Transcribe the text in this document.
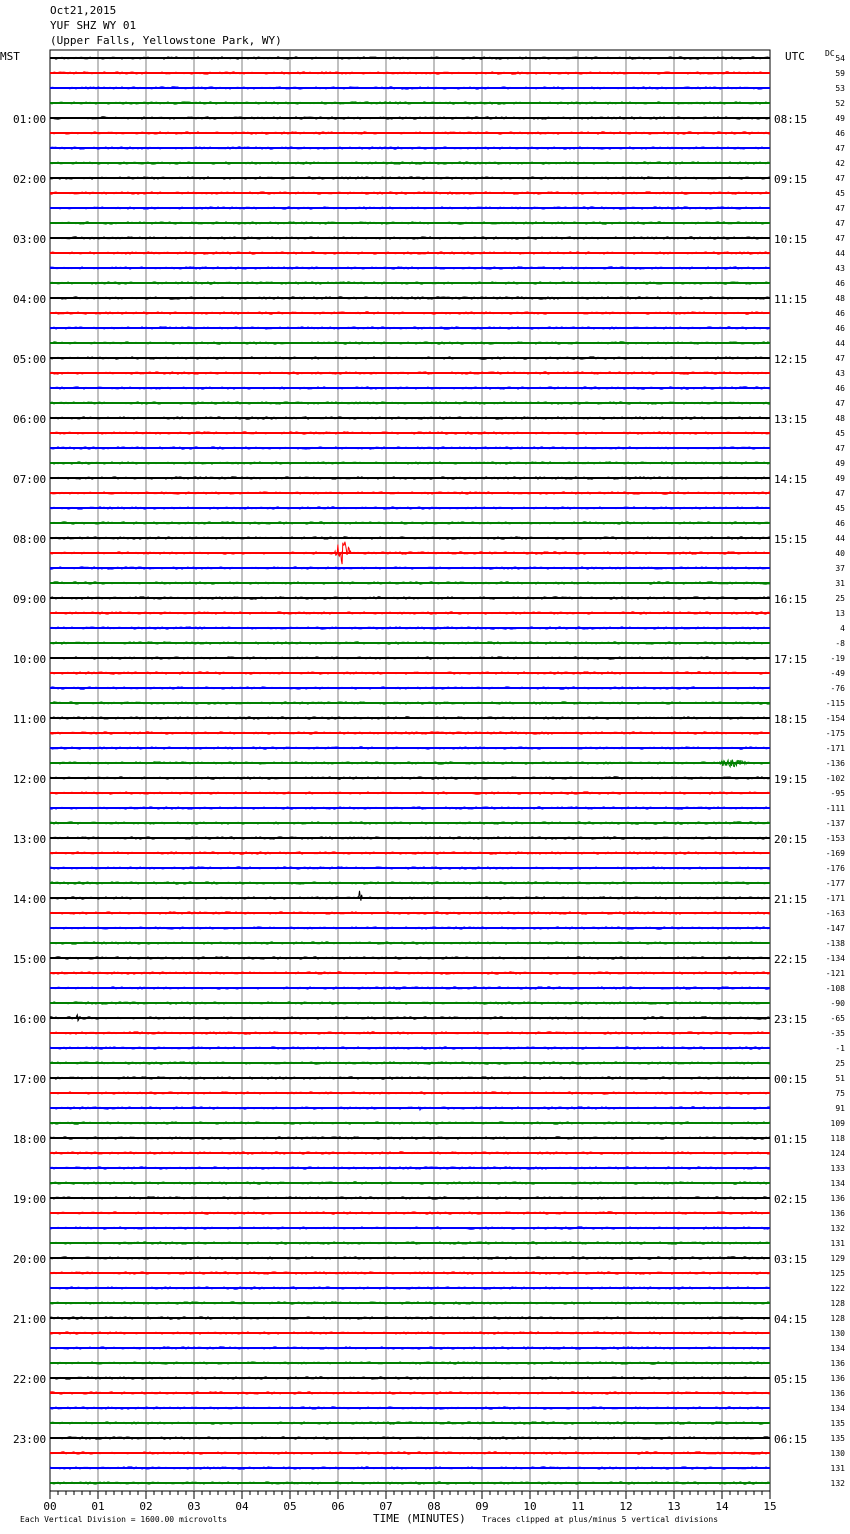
Oct21,2015
YUF SHZ WY 01
(Upper Falls, Yellowstone Park, WY)
MST	UTC	DC
00	01	02	03	04	05	06	07	08	09	10	11	12	13	14	15
54
59
53
52
01:00	08:15	49
46
47
42
02:00	09:15	47
45
47
47
03:00	10:15	47
44
43
46
04:00	11:15	48
46
46
44
05:00	12:15	47
43
46
47
06:00	13:15	48
45
47
49
07:00	14:15	49
47
45
46
08:00	15:15	44
40
37
31
09:00	16:15	25
13
4
-8
10:00	17:15	-19
-49
-76
-115
11:00	18:15 -154
-175
-171
-136
12:00	19:15 -102
-95
-111
-137
13:00	20:15 -153
-169
-176
-177
14:00	21:15 -171
-163
-147
-138
15:00	22:15 -134
-121
-108
-90
16:00	23:15	-65
-35
-1
25
17:00	00:15	51
75
91
109
18:00	01:15	118
124
133
134
19:00	02:15	136
136
132
131
20:00	03:15	129
125
122
128
21:00	04:15	128
130
134
136
22:00	05:15	136
136
134
135
23:00	06:15	135
130
131
132
Each Vertical Division = 1600.00 microvolts	TIME (MINUTES) Traces clipped at plus/minus 5 vertical divisions
